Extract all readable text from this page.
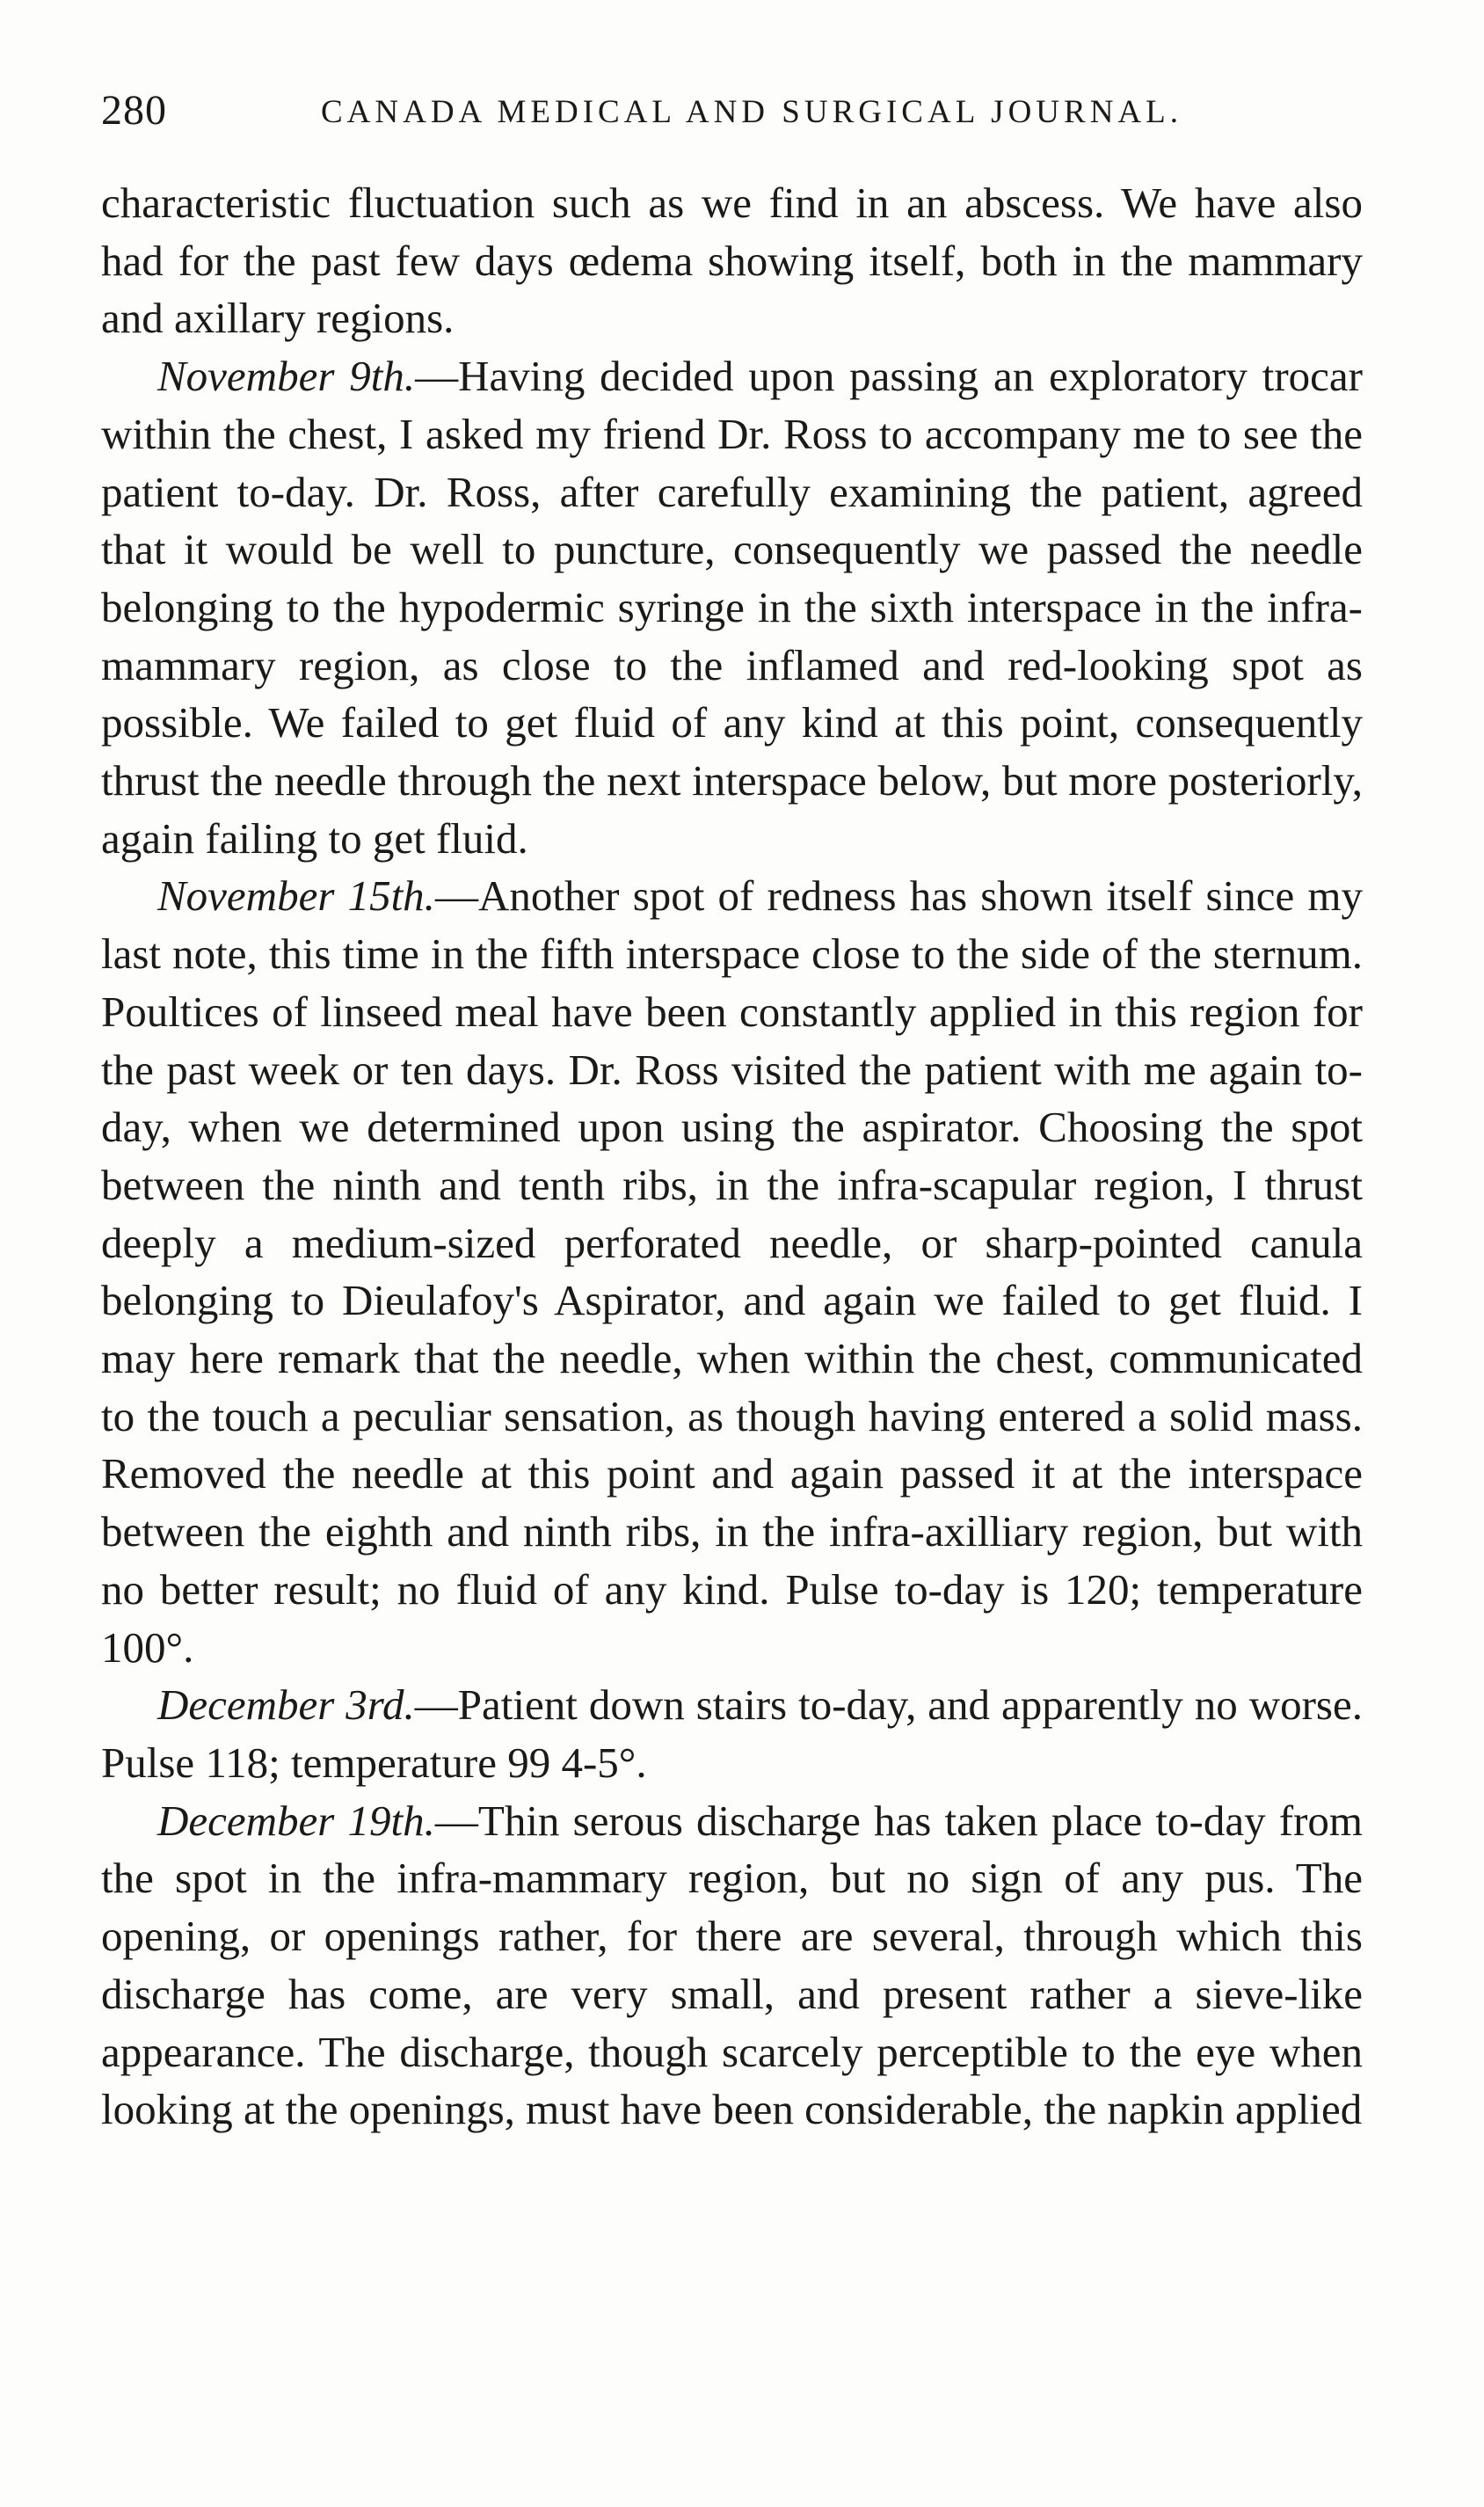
280	CANADA MEDICAL AND SURGICAL JOURNAL.

characteristic fluctuation such as we find in an abscess. We have also had for the past few days œdema showing itself, both in the mammary and axillary regions.

November 9th.—Having decided upon passing an exploratory trocar within the chest, I asked my friend Dr. Ross to accompany me to see the patient to-day. Dr. Ross, after carefully examining the patient, agreed that it would be well to puncture, consequently we passed the needle belonging to the hypodermic syringe in the sixth interspace in the infra-mammary region, as close to the inflamed and red-looking spot as possible. We failed to get fluid of any kind at this point, consequently thrust the needle through the next interspace below, but more posteriorly, again failing to get fluid.

November 15th.—Another spot of redness has shown itself since my last note, this time in the fifth interspace close to the side of the sternum. Poultices of linseed meal have been constantly applied in this region for the past week or ten days. Dr. Ross visited the patient with me again to-day, when we determined upon using the aspirator. Choosing the spot between the ninth and tenth ribs, in the infra-scapular region, I thrust deeply a medium-sized perforated needle, or sharp-pointed canula belonging to Dieulafoy's Aspirator, and again we failed to get fluid. I may here remark that the needle, when within the chest, communicated to the touch a peculiar sensation, as though having entered a solid mass. Removed the needle at this point and again passed it at the interspace between the eighth and ninth ribs, in the infra-axilliary region, but with no better result; no fluid of any kind. Pulse to-day is 120; temperature 100°.

December 3rd.—Patient down stairs to-day, and apparently no worse. Pulse 118; temperature 99 4-5°.

December 19th.—Thin serous discharge has taken place to-day from the spot in the infra-mammary region, but no sign of any pus. The opening, or openings rather, for there are several, through which this discharge has come, are very small, and present rather a sieve-like appearance. The discharge, though scarcely perceptible to the eye when looking at the openings, must have been considerable, the napkin applied
